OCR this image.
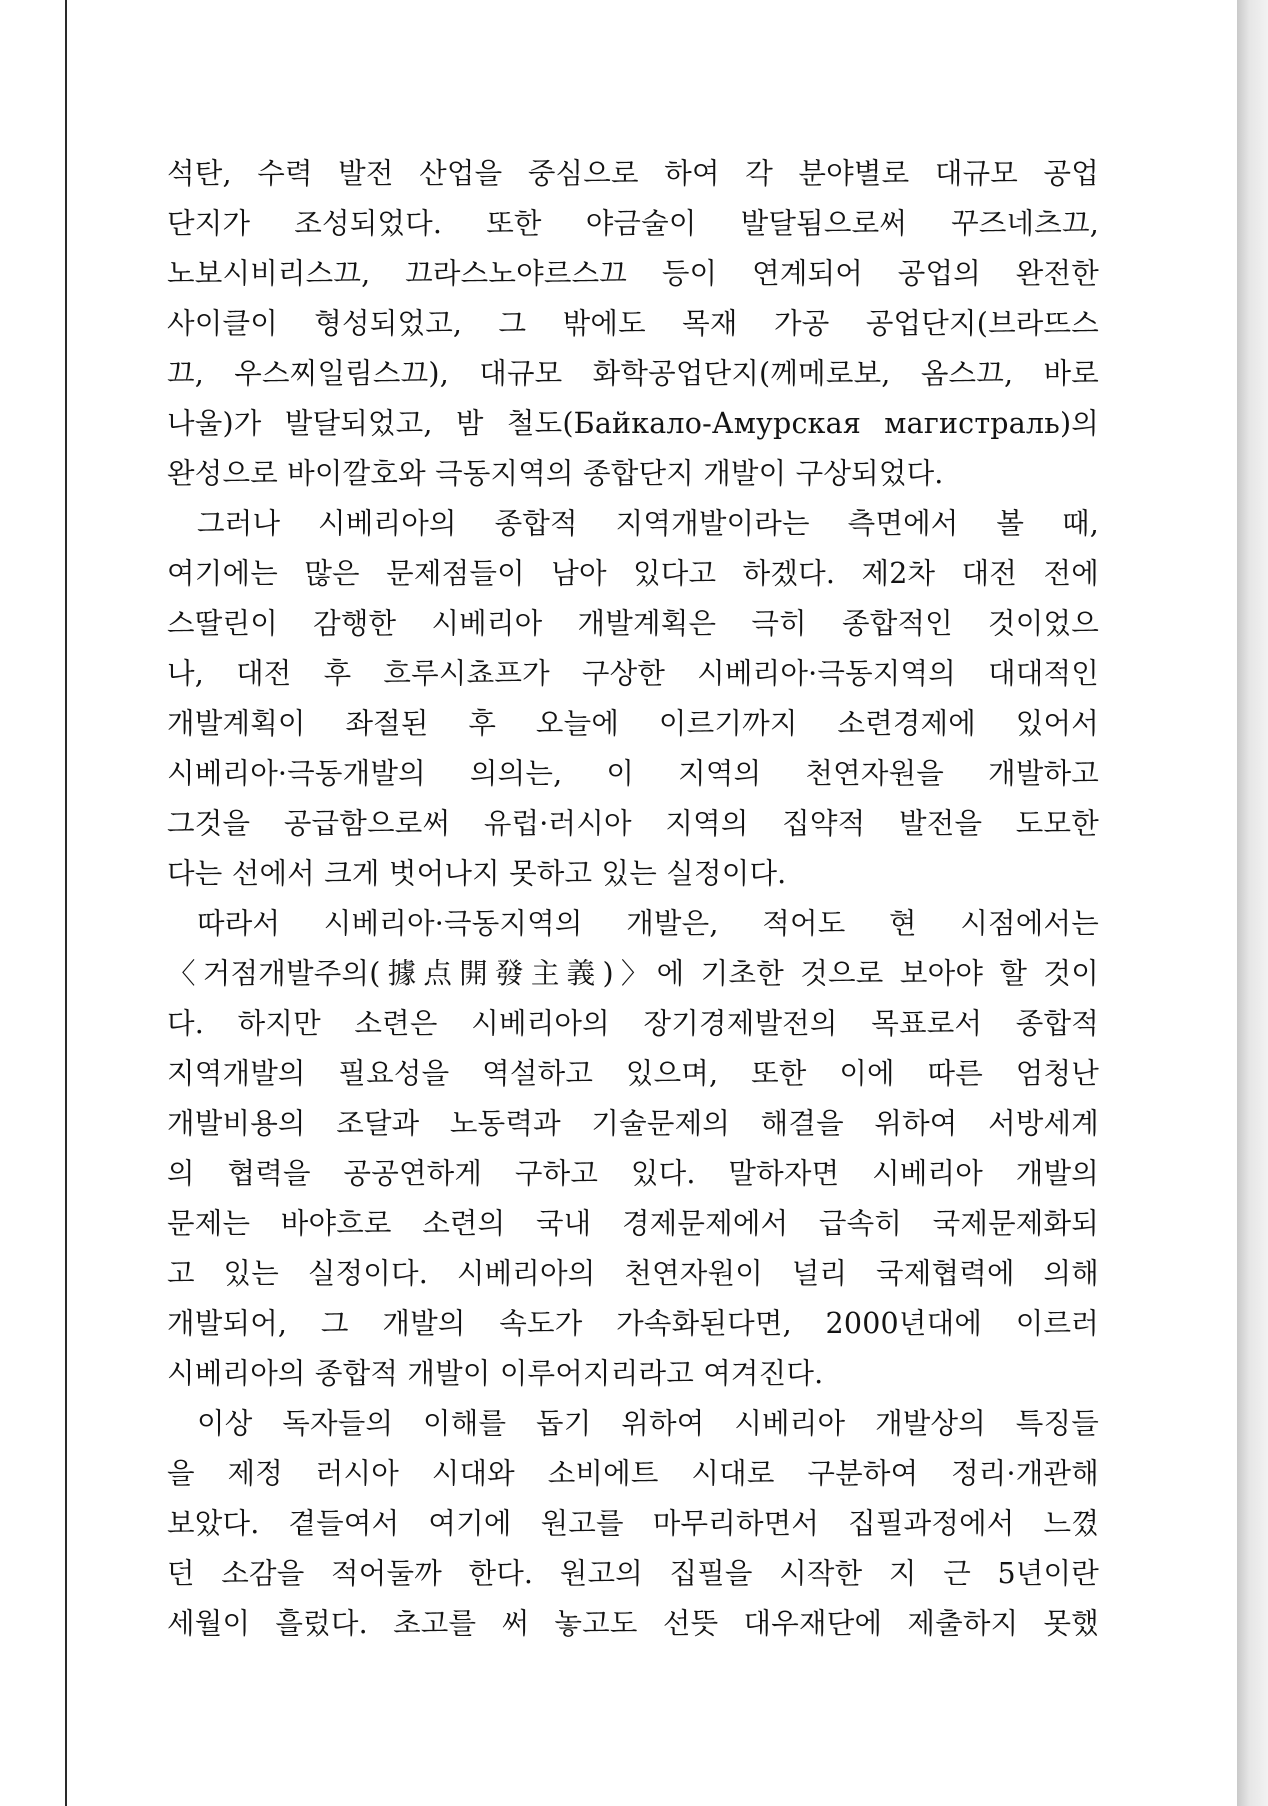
석탄, 수력 발전 산업을 중심으로 하여 각 분야별로 대규모 공업
단지가 조성되었다. 또한 야금술이 발달됨으로써 꾸즈네츠끄,
노보시비리스끄, 끄라스노야르스끄 등이 연계되어 공업의 완전한
사이클이 형성되었고, 그 밖에도 목재 가공 공업단지(브라뜨스
끄, 우스찌일림스끄), 대규모 화학공업단지(께메로보, 옴스끄, 바로
나울)가 발달되었고, 밤 철도(Байкало-Амурская магистраль)의
완성으로 바이깔호와 극동지역의 종합단지 개발이 구상되었다.
그러나 시베리아의 종합적 지역개발이라는 측면에서 볼 때,
여기에는 많은 문제점들이 남아 있다고 하겠다. 제2차 대전 전에
스딸린이 감행한 시베리아 개발계획은 극히 종합적인 것이었으
나, 대전 후 흐루시쵸프가 구상한 시베리아·극동지역의 대대적인
개발계획이 좌절된 후 오늘에 이르기까지 소련경제에 있어서
시베리아·극동개발의 의의는, 이 지역의 천연자원을 개발하고
그것을 공급함으로써 유럽·러시아 지역의 집약적 발전을 도모한
다는 선에서 크게 벗어나지 못하고 있는 실정이다.
따라서 시베리아·극동지역의 개발은, 적어도 현 시점에서는
〈거점개발주의(據点開發主義)〉에 기초한 것으로 보아야 할 것이
다. 하지만 소련은 시베리아의 장기경제발전의 목표로서 종합적
지역개발의 필요성을 역설하고 있으며, 또한 이에 따른 엄청난
개발비용의 조달과 노동력과 기술문제의 해결을 위하여 서방세계
의 협력을 공공연하게 구하고 있다. 말하자면 시베리아 개발의
문제는 바야흐로 소련의 국내 경제문제에서 급속히 국제문제화되
고 있는 실정이다. 시베리아의 천연자원이 널리 국제협력에 의해
개발되어, 그 개발의 속도가 가속화된다면, 2000년대에 이르러
시베리아의 종합적 개발이 이루어지리라고 여겨진다.
이상 독자들의 이해를 돕기 위하여 시베리아 개발상의 특징들
을 제정 러시아 시대와 소비에트 시대로 구분하여 정리·개관해
보았다. 곁들여서 여기에 원고를 마무리하면서 집필과정에서 느꼈
던 소감을 적어둘까 한다. 원고의 집필을 시작한 지 근 5년이란
세월이 흘렀다. 초고를 써 놓고도 선뜻 대우재단에 제출하지 못했
